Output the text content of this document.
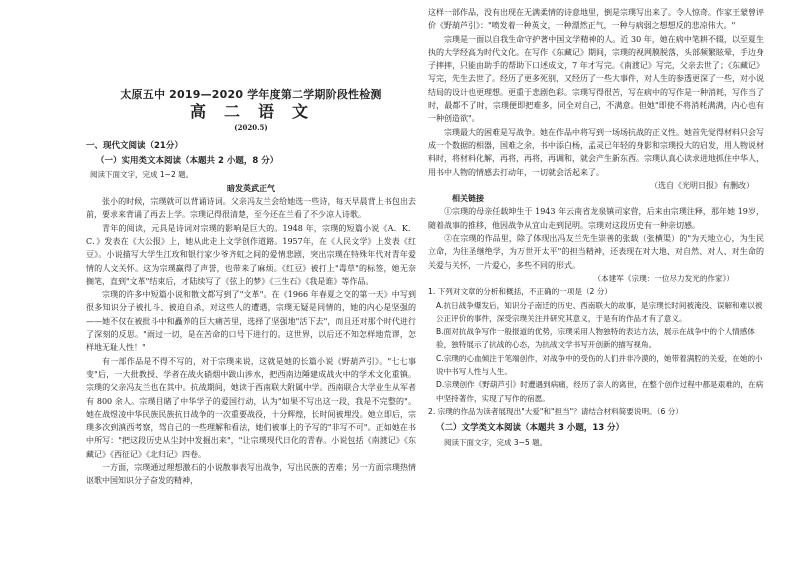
太原五中 2019—2020 学年度第二学期阶段性检测
高二语文
(2020.5)
一、现代文阅读（21分）
（一）实用类文本阅读（本题共 2 小题，8 分）
阅读下面文字，完成 1~2 题。
暗发英武正气

张小的时候，宗璞就可以背诵诗词。父亲冯友兰会给她选一些诗，每天早晨背上书包出去前，要求来背诵了再去上学。宗璞记得很清楚，至今还在兰看了不少凉人诗歌。

青年的阅读，元具是诗词对宗璞的影响是巨大的。1948 年，宗璞的短篇小说《A．K．C．》发表在《大公报》上，她从此走上文学创作道路。1957年，在《人民文学》上发表《红豆》。小说描写大学生江玫和银行家少爷齐虹之间的爱情悲剧，突出宗璞在特殊年代对青年爱情的人文关怀。这为宗璞赢得了声誉，也带来了麻烦。《红豆》被打上"毒草"的标签，她无奈搁笔，直到"文革"结束后，才陆续写了《弦上的梦》《三生石》《我是谁》等作品。

宗璞的许多中短篇小说和散文都写到了"文革"。在《1966 年春夏之交的第一天》中写到很多知识分子被扎斗、被迫自杀，对这些人的遭遇，宗璞无疑是同情的，她的内心是坚强的——她不仅在被批斗中和矗养的巨大痛苦里，选择了坚强地"活下去"，而且还对那个时代进行了深刻的反思。"雨过一切，是在苦命的口号下进行的。这世界，以后还不知怎样地荒谬，怎样地无耻人性！"

有一部作品是不得不写的，对于宗璞来说，这就是她的长篇小说《野葫芦引》。"七七事变"后，一大批教授、学者在战火硝烟中跋山涉水，把西南边陲建成战火中的学术文化重镇。宗璞的父亲冯友兰也在其中。抗战期间，她读于西南联大附属中学。西南联合大学业生从军者有 800 余人。宗璞目睹了中华学子的爱国行动，认为"如果不写出这一段，我是不完整的"。她在战煜凌中华民族民族抗日战争的一次重要战役，十分辉煌，长时间被埋没。她立即后，宗璞多次到滇西考察，驾自己的一些理解和看法，她们被事上的予写的"非写不可"。正如她在书中所写："把这段历史从尘封中发掘出来"，"让宗璞现代日化的青春。小说包括《南渡记》《东藏记》《西征记》《北归记》四卷。

一方面，宗璞通过理想激石的小说散事表写出战争，写出民族的苦难；另一方面宗璞热情讴歌中国知识分子奋发的精神，

这样一部作品，没有出现在无满柔情的诗意地里，倒是宗璞写出来了。令人惊奇。作家王蒙曾评价《野葫芦引》："喷发着一种英文，一种漂然正气，一种与病弱之想想反的悲凉伟大。"

宗璞是一面以自我生命守护著中国文学精神的人。近 30 年，她在病中笔耕不辍，以至夏生执的大学经高为时代文化。在写作《东藏记》期间，宗璞的视网膜脱落，头部频繁眩晕，手边身子摔摔，只能由助手的帮助下口述成文，7 年才写完。《南渡记》写完，父亲去世了；《东藏记》写完，先生去世了。经历了更多死别，又经历了一些大事件，对人生的参透更深了一些，对小说结局的设计也更理想。更重于悲剧色彩。宗璞写得很苦，写在病中的写作是一种消耗，写作当了时，最都不了时，宗璞便即把难多，同全对自己，不满意。但她"即使不将消耗满满，内心也有一种创造欲"。

宗璞最大的困难是写战争。她在作品中将写到一场场抗战的正义性。她首先觉得材料只会写成一个数据的相器，国难之余，书中添白杨，孟灵已年轻的身影和宗璞投大的启发，用人物说材料时，将材料化解，再将，再将，再调和，就会产生新东西。宗璞认真心读求进地抓住中华人，用书中人物的情感去打动年，一切就会活起来了。

（选自《光明日报》有删改）
相关链接

①宗璞的母亲任载坤生于 1943 年云南省龙泉镇司家营，后来由宗璞注释，那年她 19岁，随着战事的推移，他因战争从宜山走到昆明。宗璞对这段历史有一种亲切感。

②在宗璞的作品里，除了体现出冯友兰先生崇善的张载（张横渠）的"为天地立心，为生民立命，为往圣继绝学，为万世开太平"的担当精神，还表现在对大地、对自然、对人、对生命的关爱与关怀，一片爱心，多些不同的形式。

（本建军《宗璞：一位尽力发光的作家》）

1. 下列对文章的分析和概括，不正确的一项是（2 分）

A.抗日战争爆发后，知识分子南迁的历史、西南联大的故事，是宗璞长时间被淹没、误解和难以被公正评价的事件，深受宗璞关注并研究其意义，于是有的作品才有了意义。

B.面对抗战争写作一般报道的优势，宗璞采用人物独特的表达方法，展示在战争中的个人情感体验，独特展示了抗战的心态，为抗战文学书写开创新的描写视角。

C.宗璞的心血倾注于笔端创作，对战争中的受伤的人们并非冷漠的，她带着满腔的关爱，在她的小说中书写人性与人生。

D.宗璞创作《野葫芦引》时遭遇到病痛，经历了亲人的离世，在整个创作过程中都是艰难的，在病中坚持著作，实现了写作的宿愿。

2. 宗璞的作品为读者展现出"大爱"和"担当"？请结合材料简要说明。（6 分）

（二）文学类文本阅读（本题共 3 小题，13 分）
阅读下面文字，完成 3~5 题。
